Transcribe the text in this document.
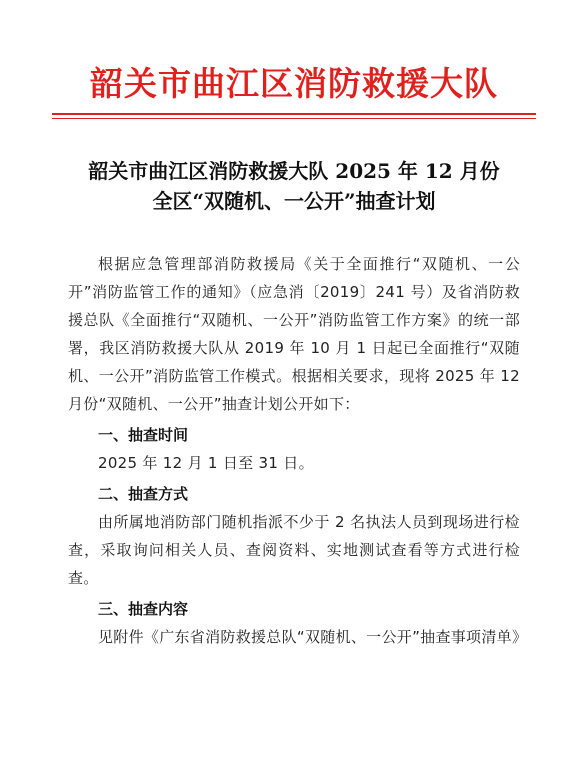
韶关市曲江区消防救援大队
韶关市曲江区消防救援大队 2025 年 12 月份
全区“双随机、一公开”抽查计划

根据应急管理部消防救援局《关于全面推行“双随机、一公开”消防监管工作的通知》（应急消〔2019〕241 号）及省消防救援总队《全面推行“双随机、一公开”消防监管工作方案》的统一部署，我区消防救援大队从 2019 年 10 月 1 日起已全面推行“双随机、一公开”消防监管工作模式。根据相关要求，现将 2025 年 12 月份“双随机、一公开”抽查计划公开如下：

一、抽查时间

2025 年 12 月 1 日至 31 日。

二、抽查方式

由所属地消防部门随机指派不少于 2 名执法人员到现场进行检查，采取询问相关人员、查阅资料、实地测试查看等方式进行检查。

三、抽查内容

见附件《广东省消防救援总队“双随机、一公开”抽查事项清单》
